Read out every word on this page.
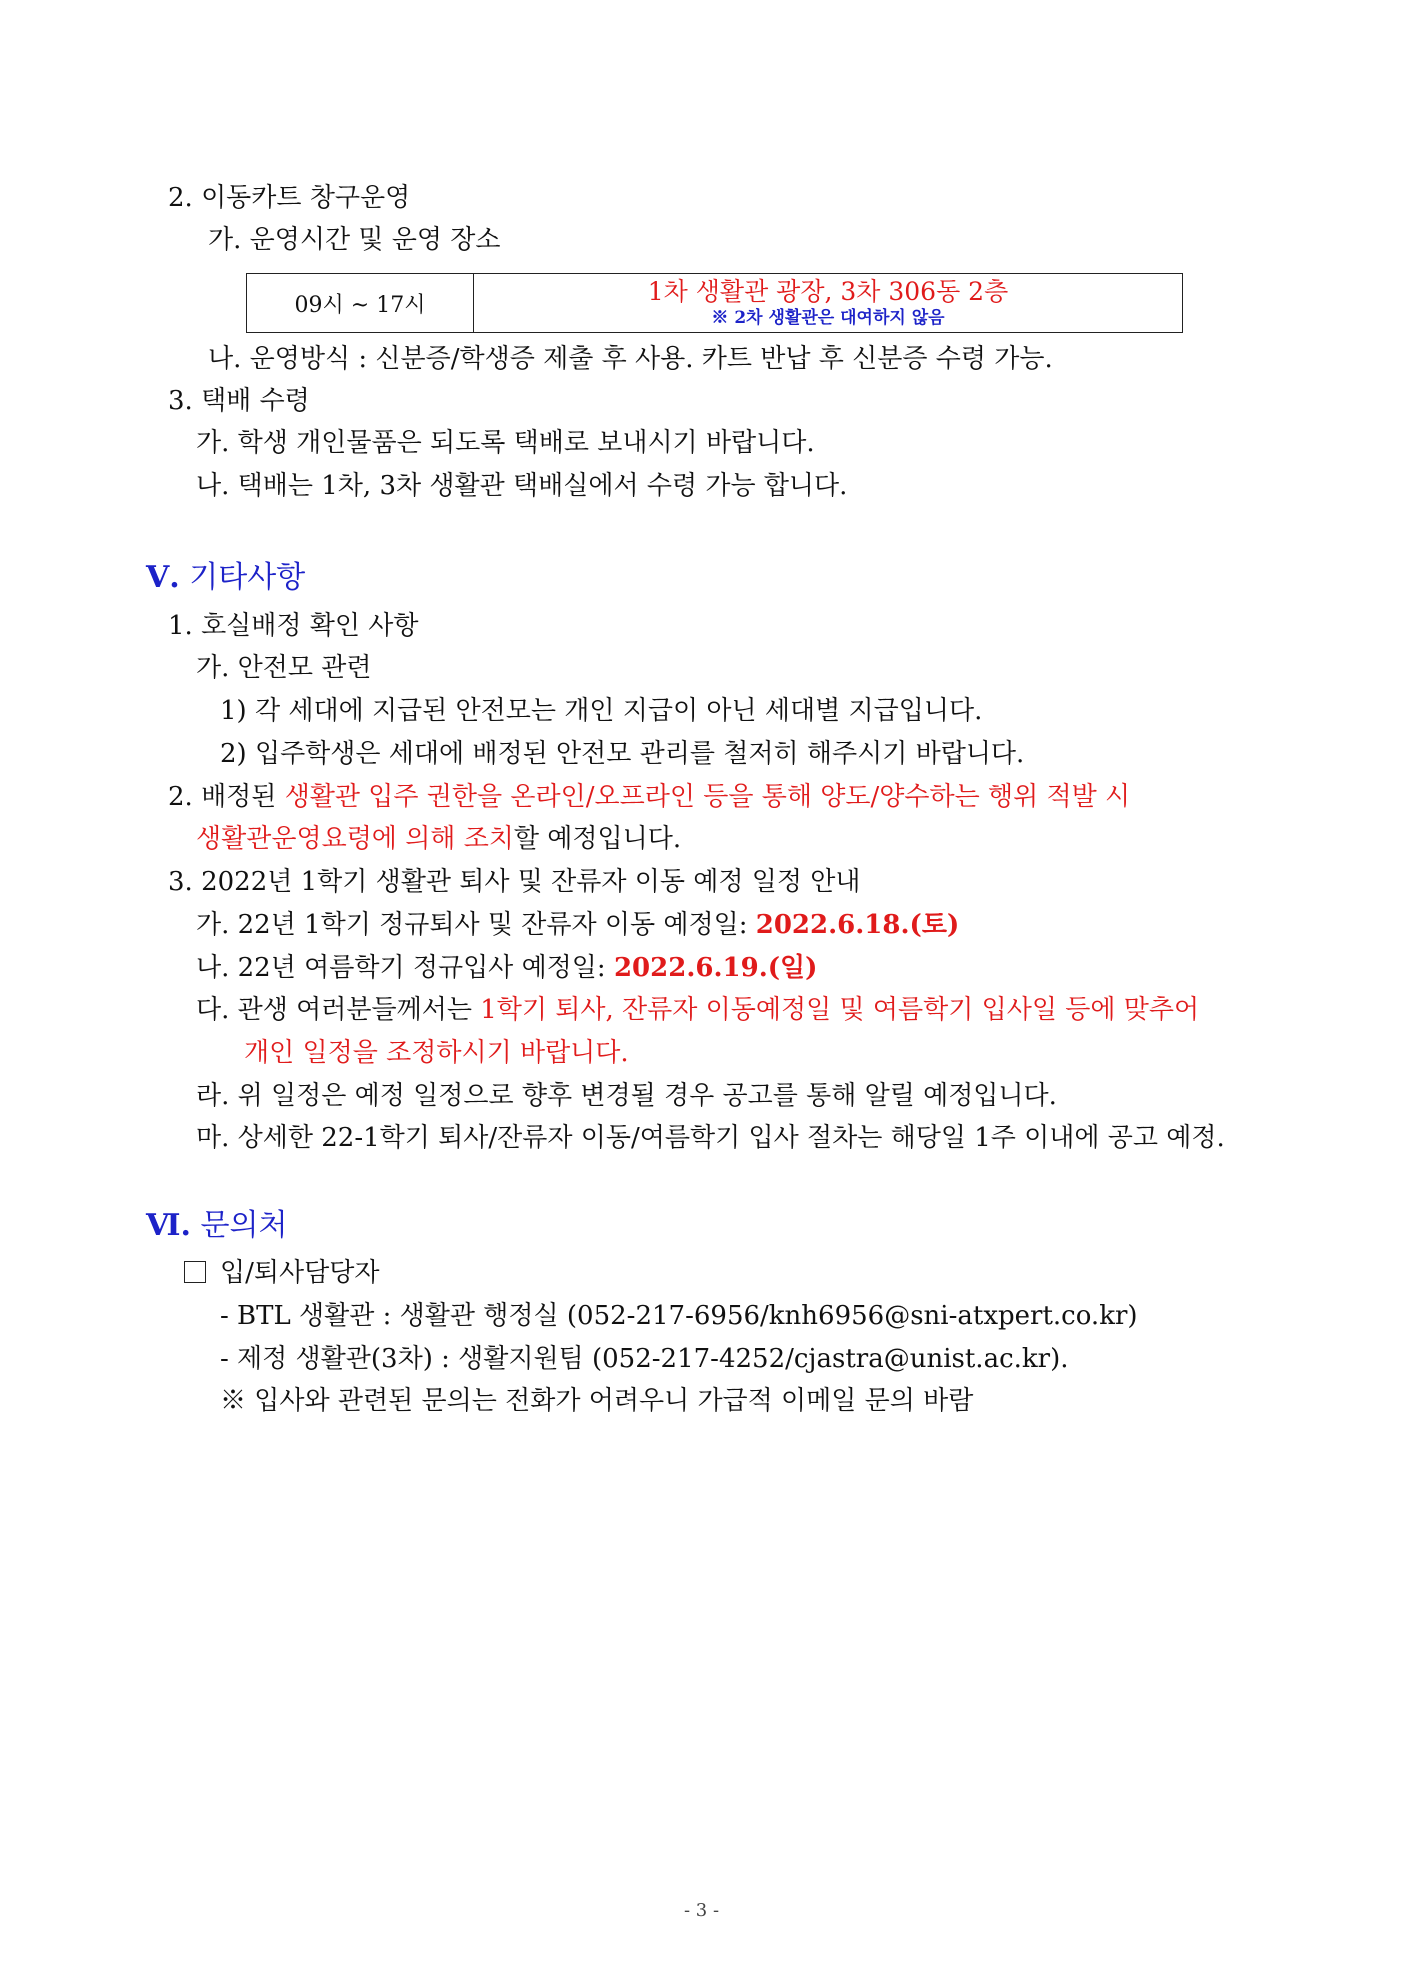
2. 이동카트 창구운영
가. 운영시간 및 운영 장소
09시 ~ 17시	1차 생활관 광장, 3차 306동 2층
※ 2차 생활관은 대여하지 않음
나. 운영방식 : 신분증/학생증 제출 후 사용. 카트 반납 후 신분증 수령 가능.
3. 택배 수령
가. 학생 개인물품은 되도록 택배로 보내시기 바랍니다.
나. 택배는 1차, 3차 생활관 택배실에서 수령 가능 합니다.
Ⅴ. 기타사항
1. 호실배정 확인 사항
가. 안전모 관련
1) 각 세대에 지급된 안전모는 개인 지급이 아닌 세대별 지급입니다.
2) 입주학생은 세대에 배정된 안전모 관리를 철저히 해주시기 바랍니다.
2. 배정된 생활관 입주 권한을 온라인/오프라인 등을 통해 양도/양수하는 행위 적발 시
생활관운영요령에 의해 조치할 예정입니다.
3. 2022년 1학기 생활관 퇴사 및 잔류자 이동 예정 일정 안내
가. 22년 1학기 정규퇴사 및 잔류자 이동 예정일: 2022.6.18.(토)
나. 22년 여름학기 정규입사 예정일: 2022.6.19.(일)
다. 관생 여러분들께서는 1학기 퇴사, 잔류자 이동예정일 및 여름학기 입사일 등에 맞추어
개인 일정을 조정하시기 바랍니다.
라. 위 일정은 예정 일정으로 향후 변경될 경우 공고를 통해 알릴 예정입니다.
마. 상세한 22-1학기 퇴사/잔류자 이동/여름학기 입사 절차는 해당일 1주 이내에 공고 예정.
Ⅵ. 문의처
입/퇴사담당자
- BTL 생활관 : 생활관 행정실 (052-217-6956/knh6956@sni-atxpert.co.kr)
- 제정 생활관(3차) : 생활지원팀 (052-217-4252/cjastra@unist.ac.kr).
※ 입사와 관련된 문의는 전화가 어려우니 가급적 이메일 문의 바람
- 3 -
